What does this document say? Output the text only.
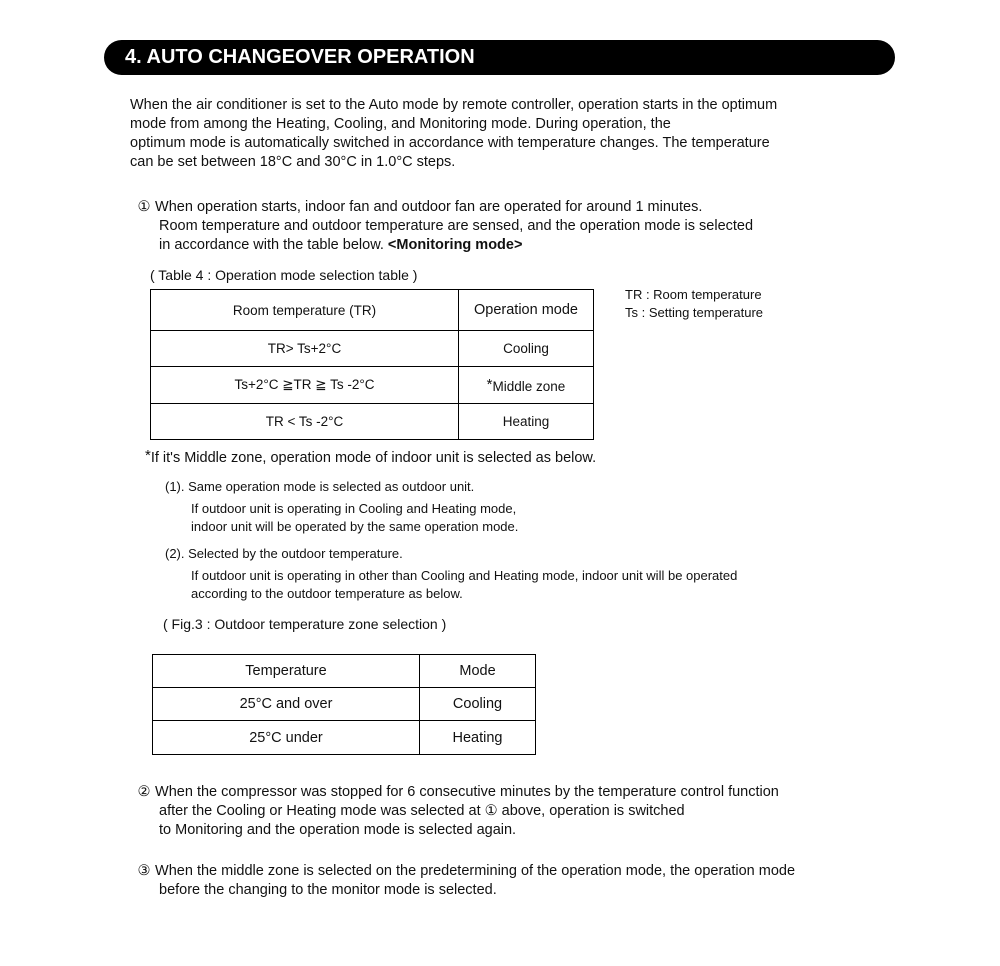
4. AUTO CHANGEOVER OPERATION
When the air conditioner is set to the Auto mode by remote controller, operation starts in the optimum
mode from among the Heating, Cooling, and Monitoring mode. During operation, the
optimum mode is automatically switched in accordance with temperature changes. The temperature
can be set between 18°C and 30°C in 1.0°C steps.
① When operation starts, indoor fan and outdoor fan are operated for around 1 minutes.
Room temperature and outdoor temperature are sensed, and the operation mode is selected
in accordance with the table below. <Monitoring mode>
( Table 4 : Operation mode selection table )
Room temperature (TR)	Operation mode
TR> Ts+2°C	Cooling
Ts+2°C ≧TR ≧ Ts -2°C	*Middle zone
TR < Ts -2°C	Heating
TR : Room temperature
Ts : Setting temperature
*If it's Middle zone, operation mode of indoor unit is selected as below.
(1). Same operation mode is selected as outdoor unit.
If outdoor unit is operating in Cooling and Heating mode,
indoor unit will be operated by the same operation mode.
(2). Selected by the outdoor temperature.
If outdoor unit is operating in other than Cooling and Heating mode, indoor unit will be operated
according to the outdoor temperature as below.
( Fig.3 : Outdoor temperature zone selection )
Temperature	Mode
25°C and over	Cooling
25°C under	Heating
② When the compressor was stopped for 6 consecutive minutes by the temperature control function
after the Cooling or Heating mode was selected at ① above, operation is switched
to Monitoring and the operation mode is selected again.
③ When the middle zone is selected on the predetermining of the operation mode, the operation mode
before the changing to the monitor mode is selected.
